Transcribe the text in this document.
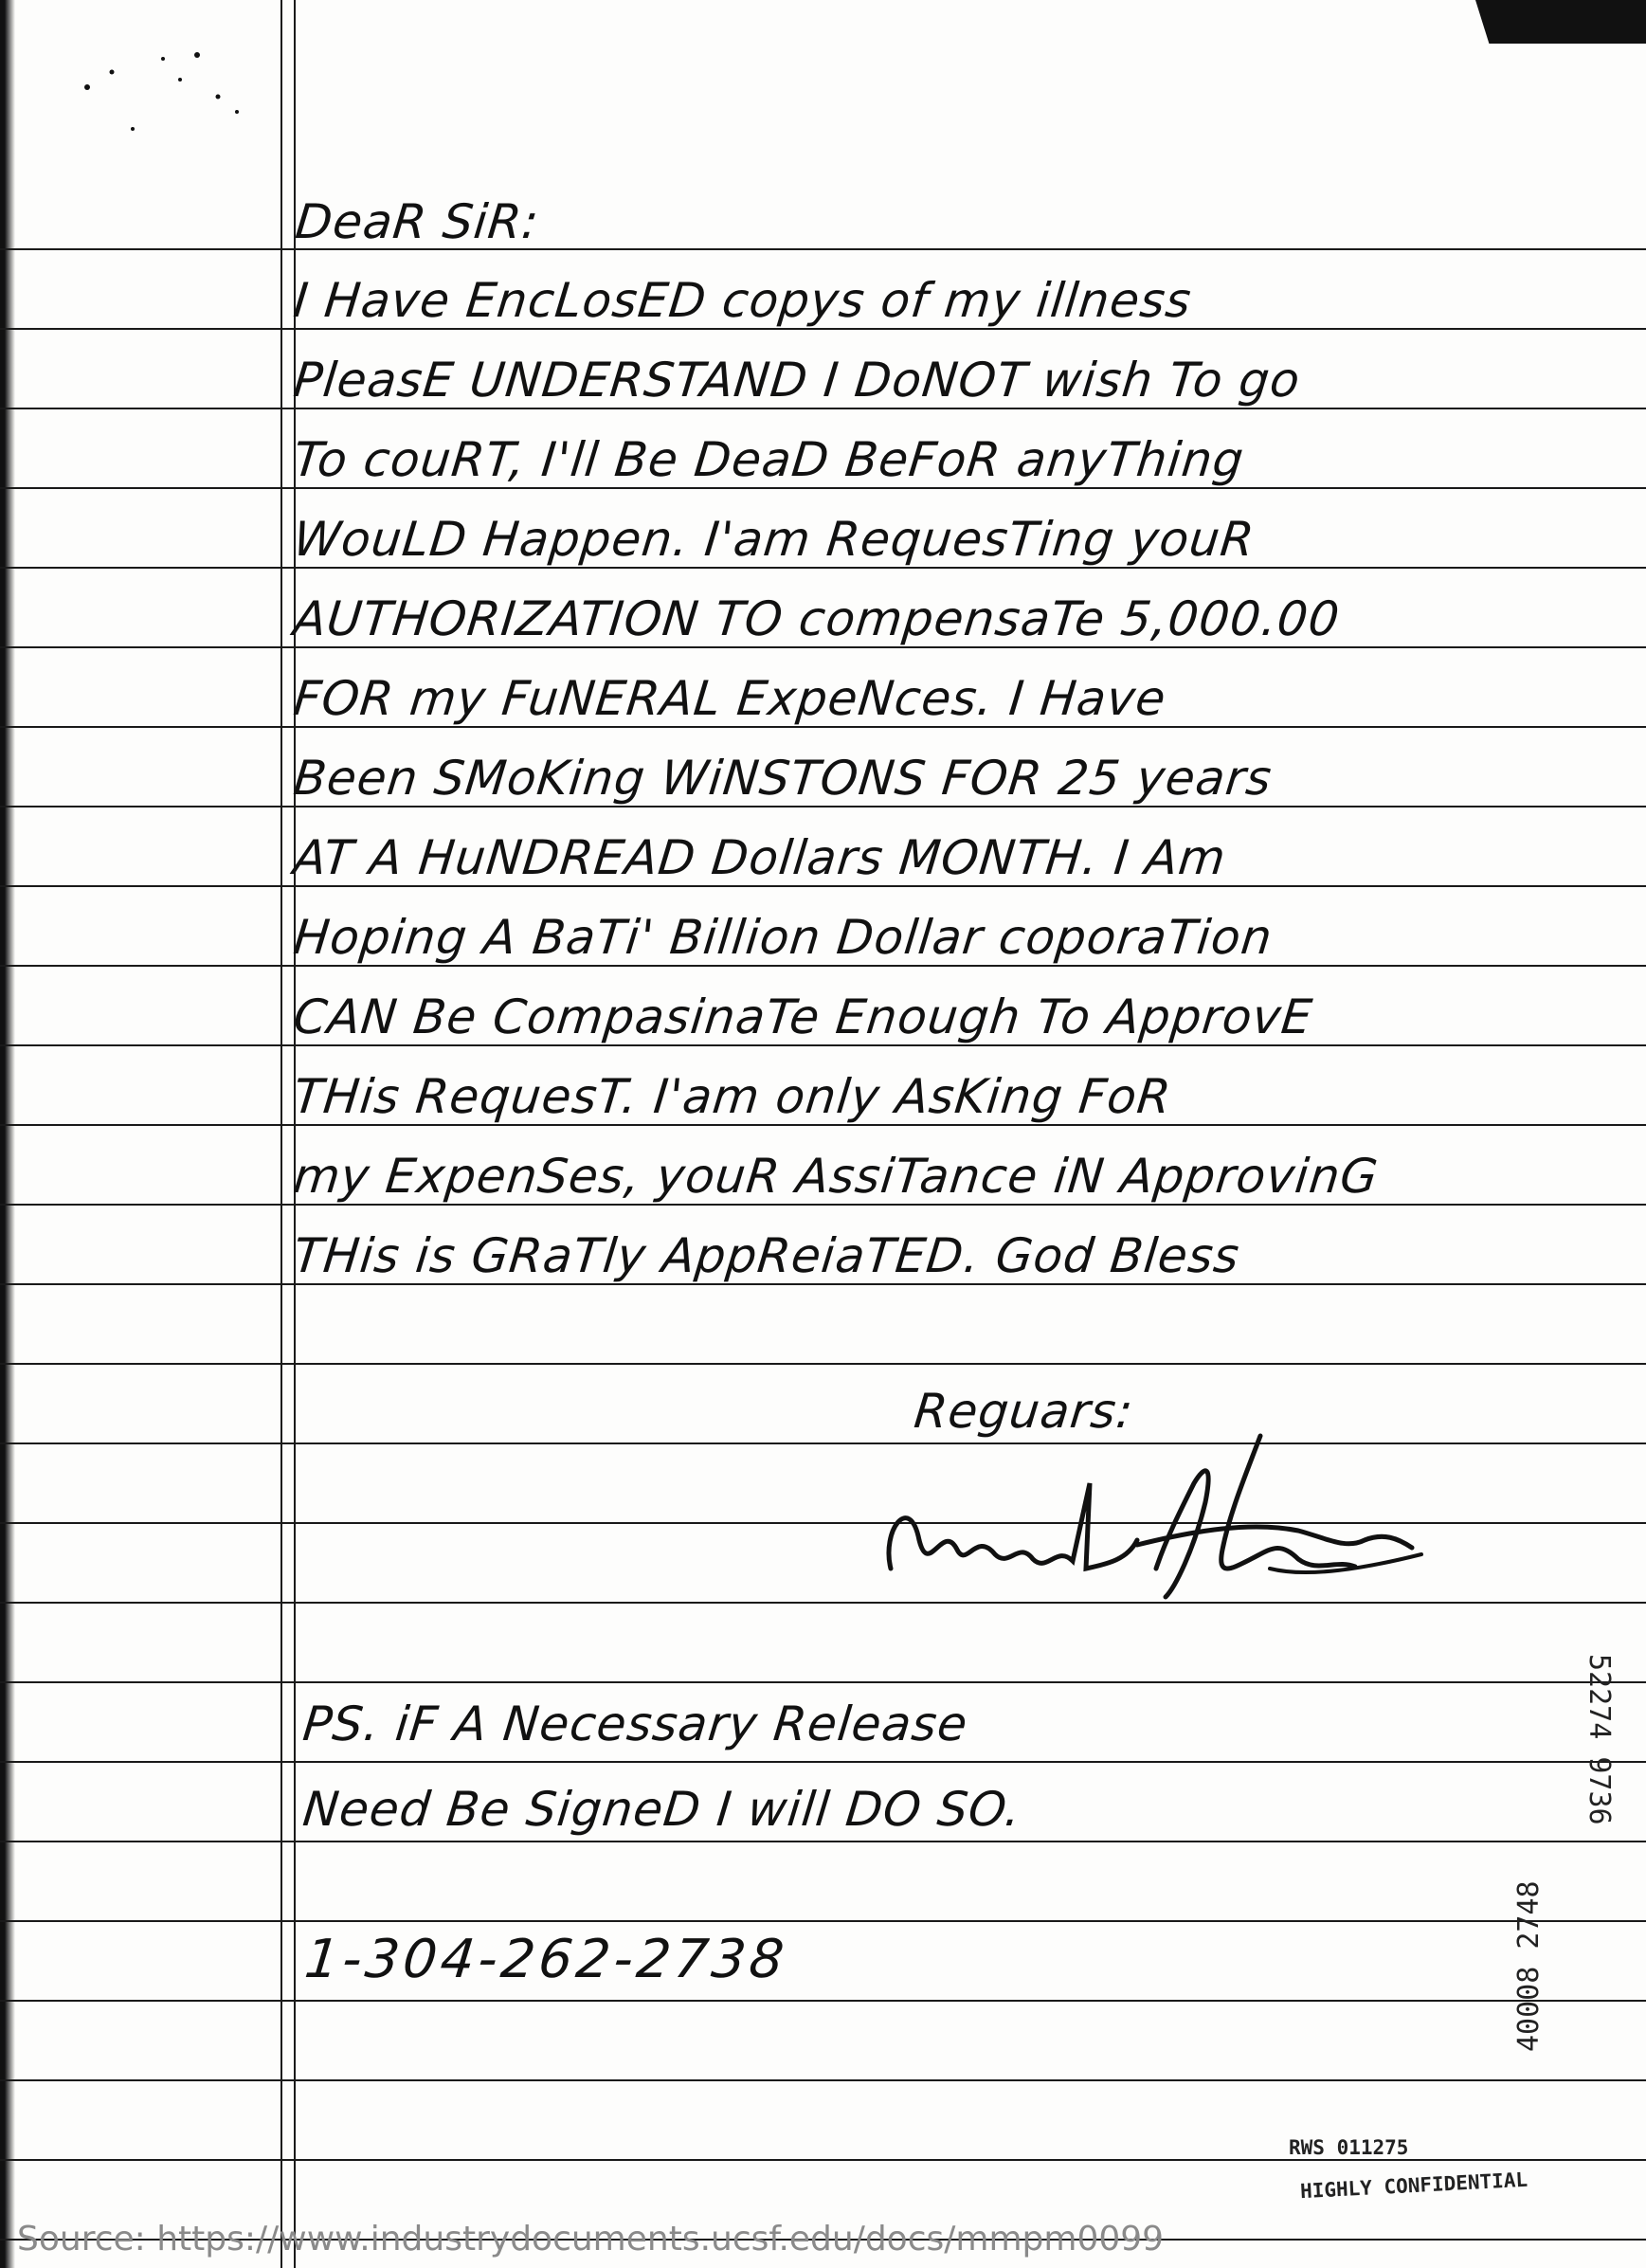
DeaR SiR:

I Have EncLosED copys of my illness

PleasE UNDERSTAND I DoNOT wish To go

To couRT, I'll Be DeaD BeFoR anyThing

WouLD Happen. I'am RequesTing youR

AUTHORIZATION TO compensaTe 5,000.00

FOR my FuNERAL ExpeNces. I Have

Been SMoKing WiNSTONS FOR 25 years

AT A HuNDREAD Dollars MONTH. I Am

Hoping A BaTi' Billion Dollar coporaTion

CAN Be CompasinaTe Enough To ApprovE

THis RequesT. I'am only AsKing FoR

my ExpenSes, youR AssiTance iN ApprovinG

THis is GRaTly AppReiaTED. God Bless

Reguars:

PS. iF A Necessary Release

Need Be SigneD I will DO SO.

1-304-262-2738

52274 9736
40008 2748
RWS 011275
HIGHLY CONFIDENTIAL
Source: https://www.industrydocuments.ucsf.edu/docs/mmpm0099
